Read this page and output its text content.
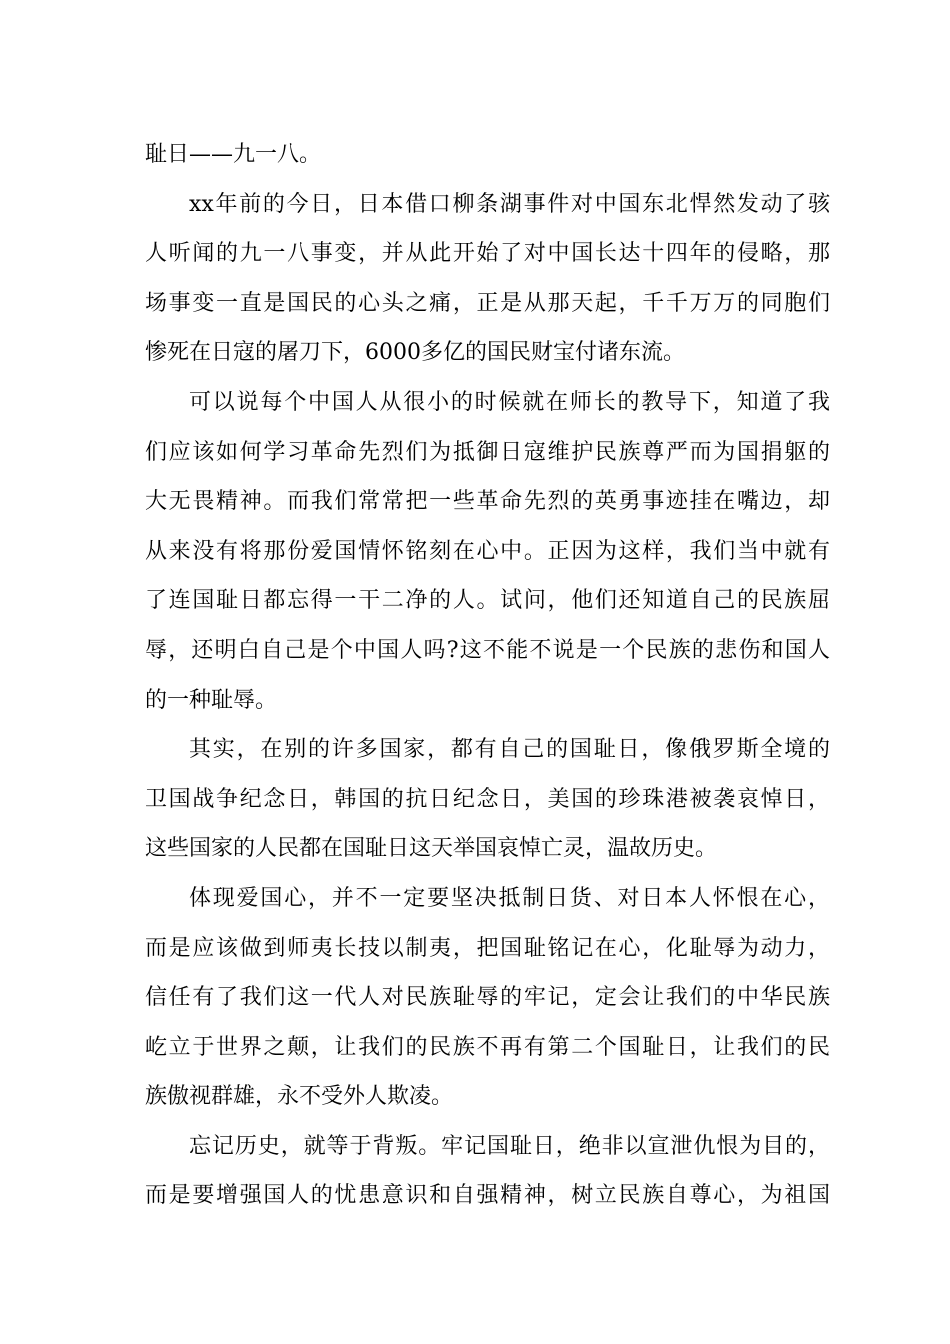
耻日——九一八。
xx年前的今日，日本借口柳条湖事件对中国东北悍然发动了骇
人听闻的九一八事变，并从此开始了对中国长达十四年的侵略，那
场事变一直是国民的心头之痛，正是从那天起，千千万万的同胞们
惨死在日寇的屠刀下，6000多亿的国民财宝付诸东流。
可以说每个中国人从很小的时候就在师长的教导下，知道了我
们应该如何学习革命先烈们为抵御日寇维护民族尊严而为国捐躯的
大无畏精神。而我们常常把一些革命先烈的英勇事迹挂在嘴边，却
从来没有将那份爱国情怀铭刻在心中。正因为这样，我们当中就有
了连国耻日都忘得一干二净的人。试问，他们还知道自己的民族屈
辱，还明白自己是个中国人吗?这不能不说是一个民族的悲伤和国人
的一种耻辱。
其实，在别的许多国家，都有自己的国耻日，像俄罗斯全境的
卫国战争纪念日，韩国的抗日纪念日，美国的珍珠港被袭哀悼日，
这些国家的人民都在国耻日这天举国哀悼亡灵，温故历史。
体现爱国心，并不一定要坚决抵制日货、对日本人怀恨在心，
而是应该做到师夷长技以制夷，把国耻铭记在心，化耻辱为动力，
信任有了我们这一代人对民族耻辱的牢记，定会让我们的中华民族
屹立于世界之颠，让我们的民族不再有第二个国耻日，让我们的民
族傲视群雄，永不受外人欺凌。
忘记历史，就等于背叛。牢记国耻日，绝非以宣泄仇恨为目的，
而是要增强国人的忧患意识和自强精神，树立民族自尊心，为祖国
